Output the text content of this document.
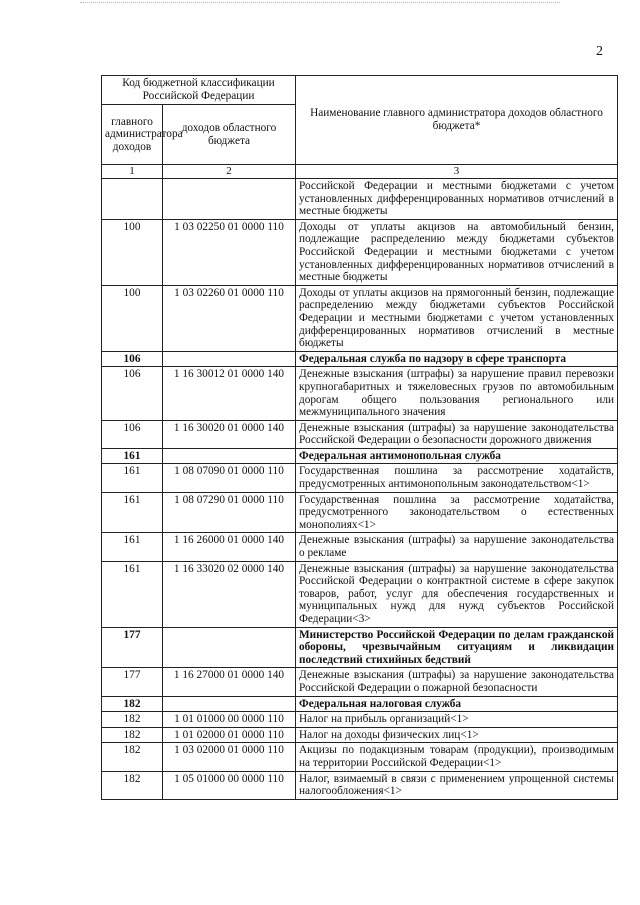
2
Код бюджетной классификации Российской Федерации		Наименование главного администратора доходов областного бюджета*
главного администратора доходов	доходов областного бюджета	
1	2	3
		Российской Федерации и местными бюджетами с учетом установленных дифференцированных нормативов отчислений в местные бюджеты
100	1 03 02250 01 0000 110	Доходы от уплаты акцизов на автомобильный бензин, подлежащие распределению между бюджетами субъектов Российской Федерации и местными бюджетами с учетом установленных дифференцированных нормативов отчислений в местные бюджеты
100	1 03 02260 01 0000 110	Доходы от уплаты акцизов на прямогонный бензин, подлежащие распределению между бюджетами субъектов Российской Федерации и местными бюджетами с учетом установленных дифференцированных нормативов отчислений в местные бюджеты
106		Федеральная служба по надзору в сфере транспорта
106	1 16 30012 01 0000 140	Денежные взыскания (штрафы) за нарушение правил перевозки крупногабаритных и тяжеловесных грузов по автомобильным дорогам общего пользования регионального или межмуниципального значения
106	1 16 30020 01 0000 140	Денежные взыскания (штрафы) за нарушение законодательства Российской Федерации о безопасности дорожного движения
161		Федеральная антимонопольная служба
161	1 08 07090 01 0000 110	Государственная пошлина за рассмотрение ходатайств, предусмотренных антимонопольным законодательством<1>
161	1 08 07290 01 0000 110	Государственная пошлина за рассмотрение ходатайства, предусмотренного законодательством о естественных монополиях<1>
161	1 16 26000 01 0000 140	Денежные взыскания (штрафы) за нарушение законодательства о рекламе
161	1 16 33020 02 0000 140	Денежные взыскания (штрафы) за нарушение законодательства Российской Федерации о контрактной системе в сфере закупок товаров, работ, услуг для обеспечения государственных и муниципальных нужд для нужд субъектов Российской Федерации<3>
177		Министерство Российской Федерации по делам гражданской обороны, чрезвычайным ситуациям и ликвидации последствий стихийных бедствий
177	1 16 27000 01 0000 140	Денежные взыскания (штрафы) за нарушение законодательства Российской Федерации о пожарной безопасности
182		Федеральная налоговая служба
182	1 01 01000 00 0000 110	Налог на прибыль организаций<1>
182	1 01 02000 01 0000 110	Налог на доходы физических лиц<1>
182	1 03 02000 01 0000 110	Акцизы по подакцизным товарам (продукции), производимым на территории Российской Федерации<1>
182	1 05 01000 00 0000 110	Налог, взимаемый в связи с применением упрощенной системы налогообложения<1>
